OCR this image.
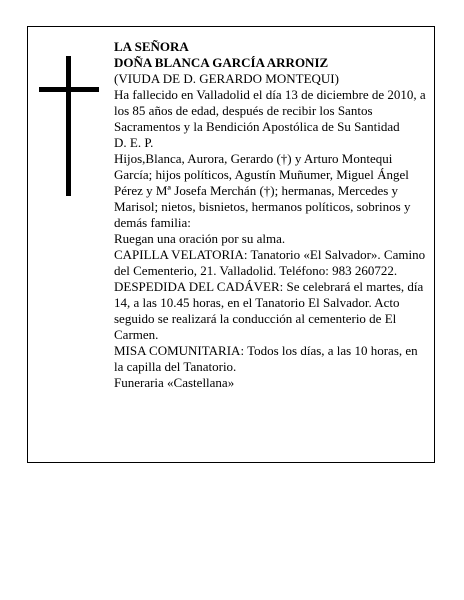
LA SEÑORA

DOÑA BLANCA GARCÍA ARRONIZ

(VIUDA DE D. GERARDO MONTEQUI)

Ha fallecido en Valladolid el día 13 de diciembre de 2010, a los 85 años de edad, después de recibir los Santos Sacramentos y la Bendición Apostólica de Su Santidad

D. E. P.

Hijos,Blanca, Aurora, Gerardo (†) y Arturo Montequi García; hijos políticos, Agustín Muñumer, Miguel Ángel Pérez y Mª Josefa Merchán (†); hermanas, Mercedes y Marisol; nietos, bisnietos, hermanos políticos, sobrinos y demás familia:

Ruegan una oración por su alma.

CAPILLA VELATORIA: Tanatorio «El Salvador». Camino del Cementerio, 21. Valladolid. Teléfono: 983 260722.

DESPEDIDA DEL CADÁVER: Se celebrará el martes, día 14, a las 10.45 horas, en el Tanatorio El Salvador. Acto seguido se realizará la conducción al cementerio de El Carmen.

MISA COMUNITARIA: Todos los días, a las 10 horas, en la capilla del Tanatorio.

Funeraria «Castellana»
